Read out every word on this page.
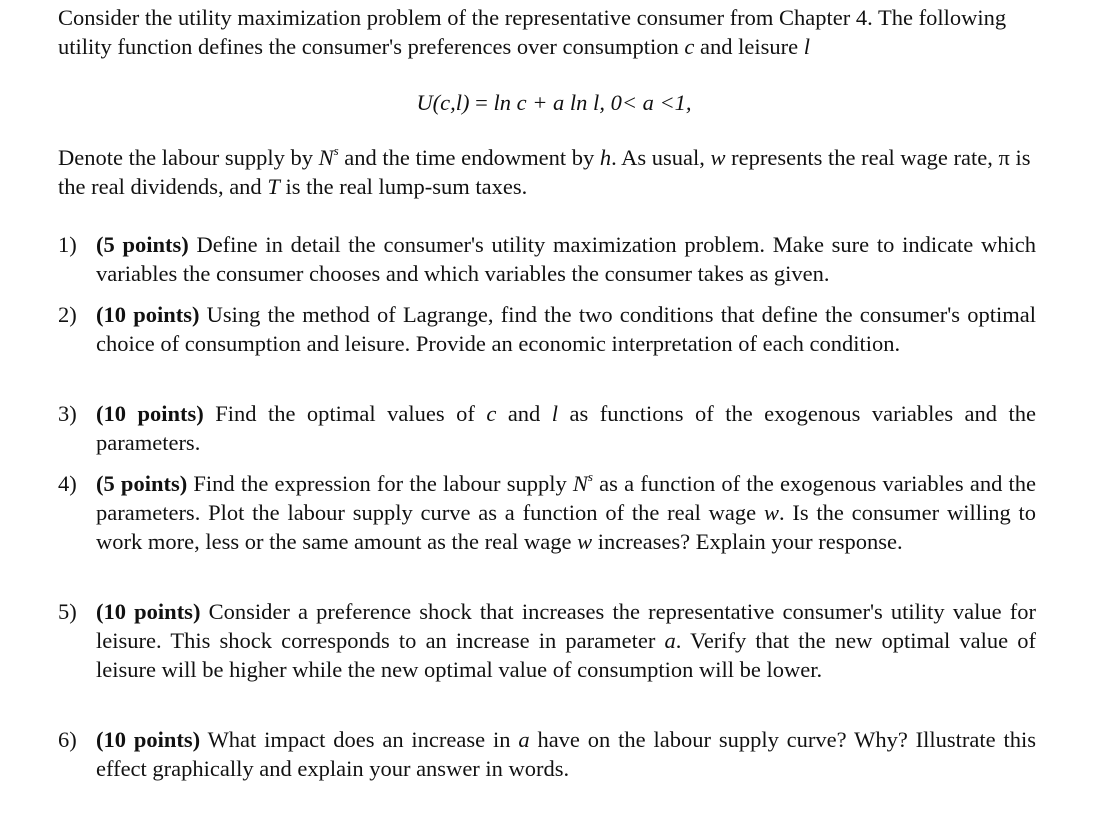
Consider the utility maximization problem of the representative consumer from Chapter 4. The following utility function defines the consumer's preferences over consumption c and leisure l

U(c,l) = ln c + a ln l, 0< a <1,

Denote the labour supply by $N^s$ and the time endowment by h. As usual, w represents the real wage rate, π is the real dividends, and T is the real lump-sum taxes.

1) (5 points) Define in detail the consumer's utility maximization problem. Make sure to indicate which variables the consumer chooses and which variables the consumer takes as given.
2) (10 points) Using the method of Lagrange, find the two conditions that define the consumer's optimal choice of consumption and leisure. Provide an economic interpretation of each condition.
3) (10 points) Find the optimal values of c and l as functions of the exogenous variables and the parameters.
4) (5 points) Find the expression for the labour supply $N^s$ as a function of the exogenous variables and the parameters. Plot the labour supply curve as a function of the real wage w. Is the consumer willing to work more, less or the same amount as the real wage w increases? Explain your response.
5) (10 points) Consider a preference shock that increases the representative consumer's utility value for leisure. This shock corresponds to an increase in parameter a. Verify that the new optimal value of leisure will be higher while the new optimal value of consumption will be lower.
6) (10 points) What impact does an increase in a have on the labour supply curve? Why? Illustrate this effect graphically and explain your answer in words.
